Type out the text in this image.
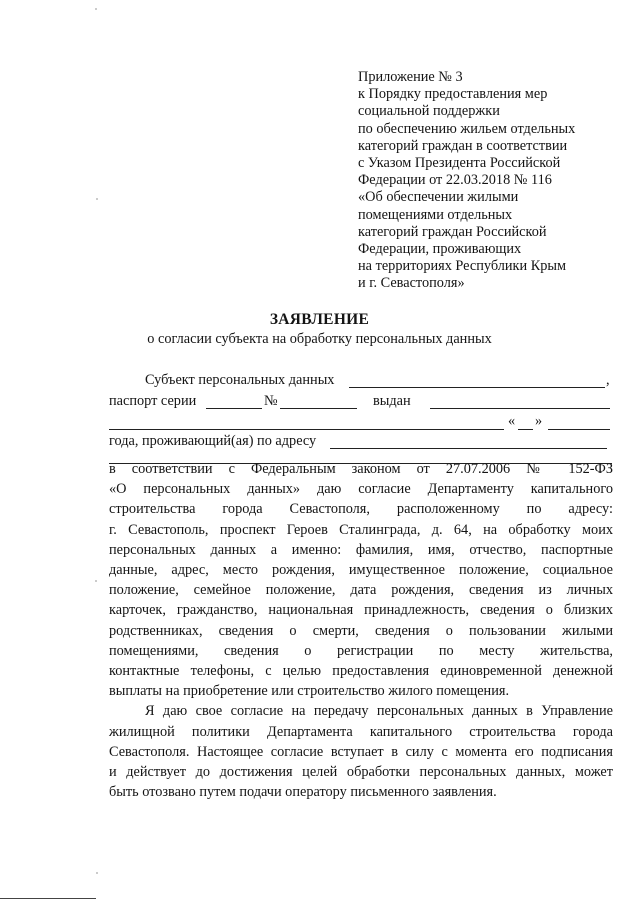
Приложение № 3
к Порядку предоставления мер
социальной поддержки
по обеспечению жильем отдельных
категорий граждан в соответствии
с Указом Президента Российской
Федерации от 22.03.2018 № 116
«Об обеспечении жилыми
помещениями отдельных
категорий граждан Российской
Федерации, проживающих
на территориях Республики Крым
и г. Севастополя»
ЗАЯВЛЕНИЕ
о согласии субъекта на обработку персональных данных
Субъект персональных данных	,
паспорт серии	№	выдан
« »
года, проживающий(ая) по адресу
в соответствии с Федеральным законом от 27.07.2006 № 152-ФЗ
«О персональных данных» даю согласие Департаменту капитального
строительства города Севастополя, расположенному по адресу:
г. Севастополь, проспект Героев Сталинграда, д. 64, на обработку моих
персональных данных а именно: фамилия, имя, отчество, паспортные
данные, адрес, место рождения, имущественное положение, социальное
положение, семейное положение, дата рождения, сведения из личных
карточек, гражданство, национальная принадлежность, сведения о близких
родственниках, сведения о смерти, сведения о пользовании жилыми
помещениями, сведения о регистрации по месту жительства,
контактные телефоны, с целью предоставления единовременной денежной
выплаты на приобретение или строительство жилого помещения.
Я даю свое согласие на передачу персональных данных в Управление
жилищной политики Департамента капитального строительства города
Севастополя. Настоящее согласие вступает в силу с момента его подписания
и действует до достижения целей обработки персональных данных, может
быть отозвано путем подачи оператору письменного заявления.
